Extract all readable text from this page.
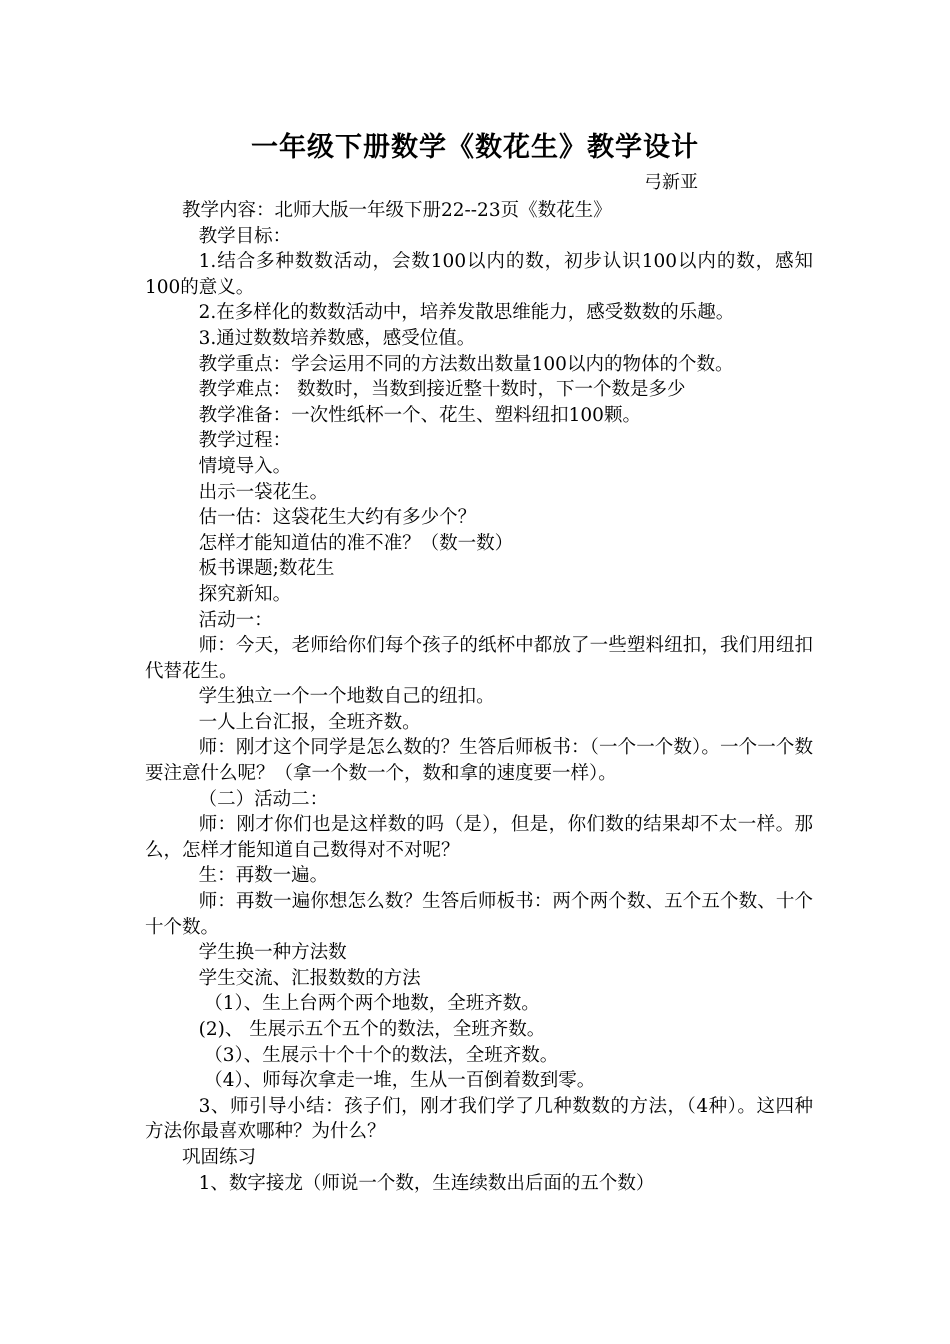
一年级下册数学《数花生》教学设计
弓新亚

教学内容：北师大版一年级下册22--23页《数花生》

教学目标：

1.结合多种数数活动，会数100以内的数，初步认识100以内的数，感知100的意义。

2.在多样化的数数活动中，培养发散思维能力，感受数数的乐趣。

3.通过数数培养数感，感受位值。

教学重点：学会运用不同的方法数出数量100以内的物体的个数。

教学难点： 数数时，当数到接近整十数时，下一个数是多少

教学准备：一次性纸杯一个、花生、塑料纽扣100颗。

教学过程：

情境导入。

出示一袋花生。

估一估：这袋花生大约有多少个？

怎样才能知道估的准不准？（数一数）

板书课题;数花生

探究新知。

活动一：

师：今天，老师给你们每个孩子的纸杯中都放了一些塑料纽扣，我们用纽扣代替花生。

学生独立一个一个地数自己的纽扣。

一人上台汇报，全班齐数。

师：刚才这个同学是怎么数的？生答后师板书：（一个一个数）。一个一个数要注意什么呢？（拿一个数一个，数和拿的速度要一样）。

（二）活动二：

师：刚才你们也是这样数的吗（是），但是，你们数的结果却不太一样。那么，怎样才能知道自己数得对不对呢？

生：再数一遍。

师：再数一遍你想怎么数？生答后师板书：两个两个数、五个五个数、十个十个数。

学生换一种方法数

学生交流、汇报数数的方法

（1）、生上台两个两个地数，全班齐数。

(2)、 生展示五个五个的数法，全班齐数。

（3）、生展示十个十个的数法，全班齐数。

（4）、师每次拿走一堆，生从一百倒着数到零。

3、师引导小结：孩子们，刚才我们学了几种数数的方法，（4种）。这四种方法你最喜欢哪种？为什么？

巩固练习

1、数字接龙（师说一个数，生连续数出后面的五个数）
